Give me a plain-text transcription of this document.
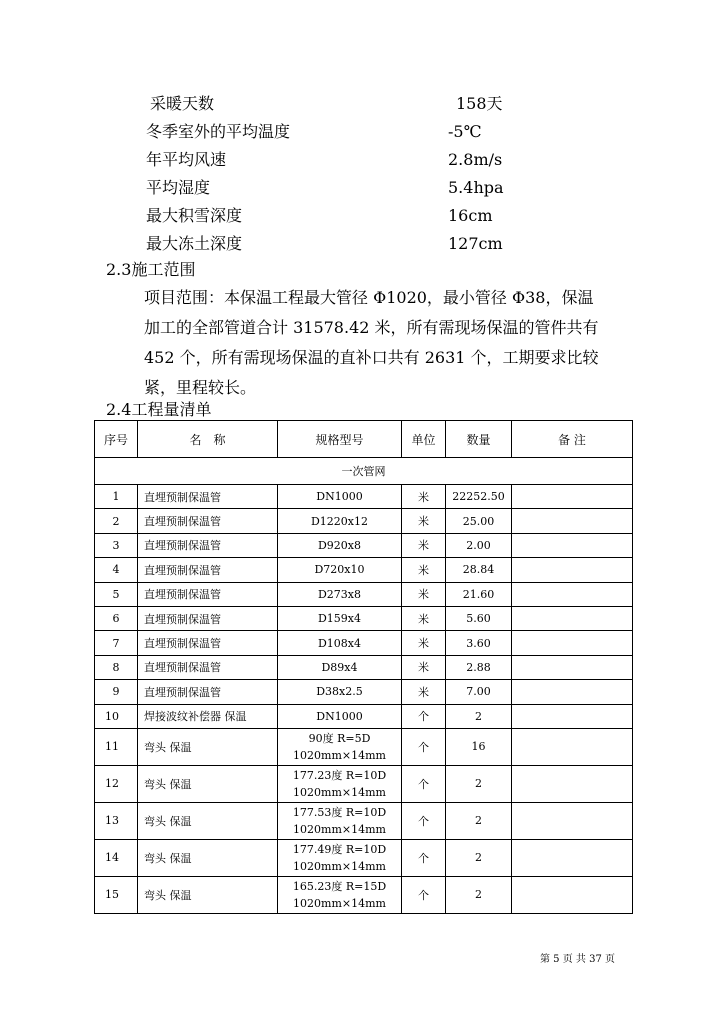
采暖天数	158天
冬季室外的平均温度	-5℃
年平均风速	2.8m/s
平均湿度	5.4hpa
最大积雪深度	16cm
最大冻土深度	127cm
2.3施工范围

项目范围：本保温工程最大管径 Φ1020，最小管径 Φ38，保温
加工的全部管道合计 31578.42 米，所有需现场保温的管件共有
452 个，所有需现场保温的直补口共有 2631 个，工期要求比较
紧，里程较长。

2.4工程量清单
序号	名　称	规格型号	单位	数量	备 注
一次管网					
1	直埋预制保温管	DN1000	米	22252.50	
2	直埋预制保温管	D1220x12	米	25.00	
3	直埋预制保温管	D920x8	米	2.00	
4	直埋预制保温管	D720x10	米	28.84	
5	直埋预制保温管	D273x8	米	21.60	
6	直埋预制保温管	D159x4	米	5.60	
7	直埋预制保温管	D108x4	米	3.60	
8	直埋预制保温管	D89x4	米	2.88	
9	直埋预制保温管	D38x2.5	米	7.00	
10	焊接波纹补偿器 保温	DN1000	个	2	
11	弯头 保温	90度 R=5D
1020mm×14mm	个	16	
12	弯头 保温	177.23度 R=10D
1020mm×14mm	个	2	
13	弯头 保温	177.53度 R=10D
1020mm×14mm	个	2	
14	弯头 保温	177.49度 R=10D
1020mm×14mm	个	2	
15	弯头 保温	165.23度 R=15D
1020mm×14mm	个	2	
第 5 页 共 37 页
